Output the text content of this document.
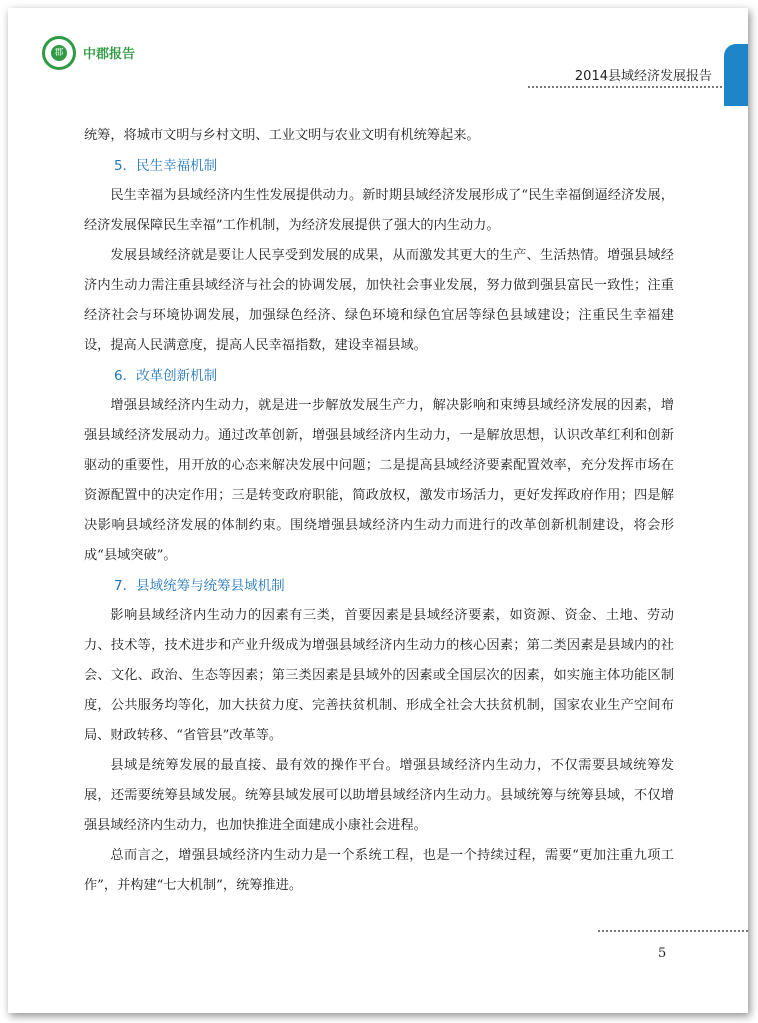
郡 中郡报告
2014县域经济发展报告

统筹，将城市文明与乡村文明、工业文明与农业文明有机统筹起来。

5．民生幸福机制

民生幸福为县域经济内生性发展提供动力。新时期县域经济发展形成了“民生幸福倒逼经济发展，经济发展保障民生幸福”工作机制，为经济发展提供了强大的内生动力。

发展县域经济就是要让人民享受到发展的成果，从而激发其更大的生产、生活热情。增强县域经济内生动力需注重县域经济与社会的协调发展，加快社会事业发展，努力做到强县富民一致性；注重经济社会与环境协调发展，加强绿色经济、绿色环境和绿色宜居等绿色县域建设；注重民生幸福建设，提高人民满意度，提高人民幸福指数，建设幸福县域。

6．改革创新机制

增强县域经济内生动力，就是进一步解放发展生产力，解决影响和束缚县域经济发展的因素，增强县域经济发展动力。通过改革创新，增强县域经济内生动力，一是解放思想，认识改革红利和创新驱动的重要性，用开放的心态来解决发展中问题；二是提高县域经济要素配置效率，充分发挥市场在资源配置中的决定作用；三是转变政府职能，简政放权，激发市场活力，更好发挥政府作用；四是解决影响县域经济发展的体制约束。围绕增强县域经济内生动力而进行的改革创新机制建设，将会形成“县域突破”。

7．县域统筹与统筹县域机制

影响县域经济内生动力的因素有三类，首要因素是县域经济要素，如资源、资金、土地、劳动力、技术等，技术进步和产业升级成为增强县域经济内生动力的核心因素；第二类因素是县域内的社会、文化、政治、生态等因素；第三类因素是县域外的因素或全国层次的因素，如实施主体功能区制度，公共服务均等化，加大扶贫力度、完善扶贫机制、形成全社会大扶贫机制，国家农业生产空间布局、财政转移、“省管县”改革等。

县域是统筹发展的最直接、最有效的操作平台。增强县域经济内生动力，不仅需要县域统筹发展，还需要统筹县域发展。统筹县域发展可以助增县域经济内生动力。县域统筹与统筹县域，不仅增强县域经济内生动力，也加快推进全面建成小康社会进程。

总而言之，增强县域经济内生动力是一个系统工程，也是一个持续过程，需要“更加注重九项工作”，并构建“七大机制”，统筹推进。

5
